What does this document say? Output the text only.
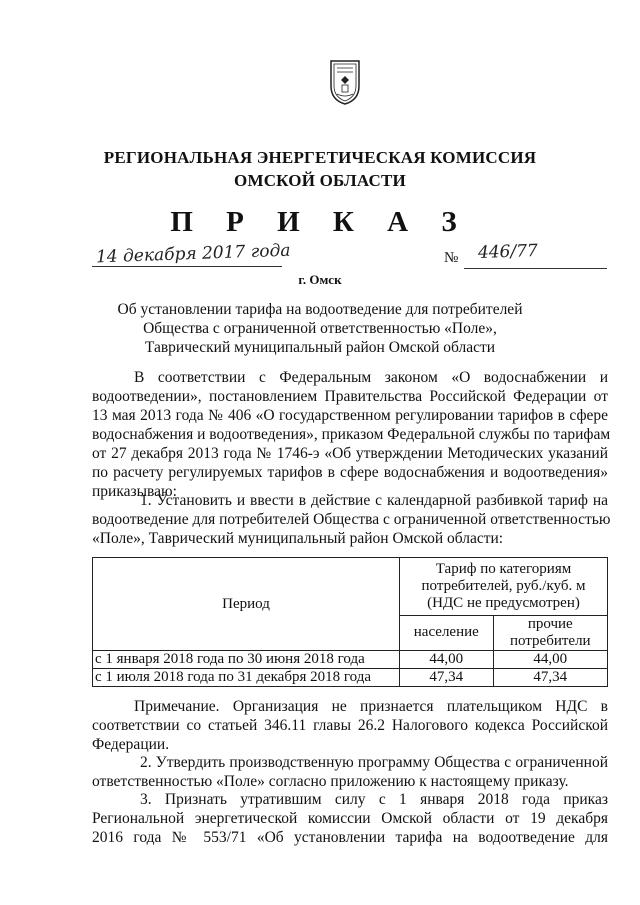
РЕГИОНАЛЬНАЯ ЭНЕРГЕТИЧЕСКАЯ КОМИССИЯ
ОМСКОЙ ОБЛАСТИ
П Р И К А З
14 декабря 2017 года	№ 446/77
г. Омск
Об установлении тарифа на водоотведение для потребителей
Общества с ограниченной ответственностью «Поле»,
Таврический муниципальный район Омской области
В соответствии с Федеральным законом «О водоснабжении и
водоотведении», постановлением Правительства Российской Федерации от
13 мая 2013 года № 406 «О государственном регулировании тарифов в сфере
водоснабжения и водоотведения», приказом Федеральной службы по тарифам
от 27 декабря 2013 года № 1746-э «Об утверждении Методических указаний
по расчету регулируемых тарифов в сфере водоснабжения и водоотведения»
приказываю:
1. Установить и ввести в действие с календарной разбивкой тариф на
водоотведение для потребителей Общества с ограниченной ответственностью
«Поле», Таврический муниципальный район Омской области:
Период	Тариф по категориям
потребителей, руб./куб. м
(НДС не предусмотрен)	

	население	прочие
потребители

с 1 января 2018 года по 30 июня 2018 года	44,00	44,00
с 1 июля 2018 года по 31 декабря 2018 года	47,34	47,34
Примечание. Организация не признается плательщиком НДС в
соответствии со статьей 346.11 главы 26.2 Налогового кодекса Российской
Федерации.
2. Утвердить производственную программу Общества с ограниченной
ответственностью «Поле» согласно приложению к настоящему приказу.
3. Признать утратившим силу с 1 января 2018 года приказ
Региональной энергетической комиссии Омской области от 19 декабря
2016 года № 553/71 «Об установлении тарифа на водоотведение для
